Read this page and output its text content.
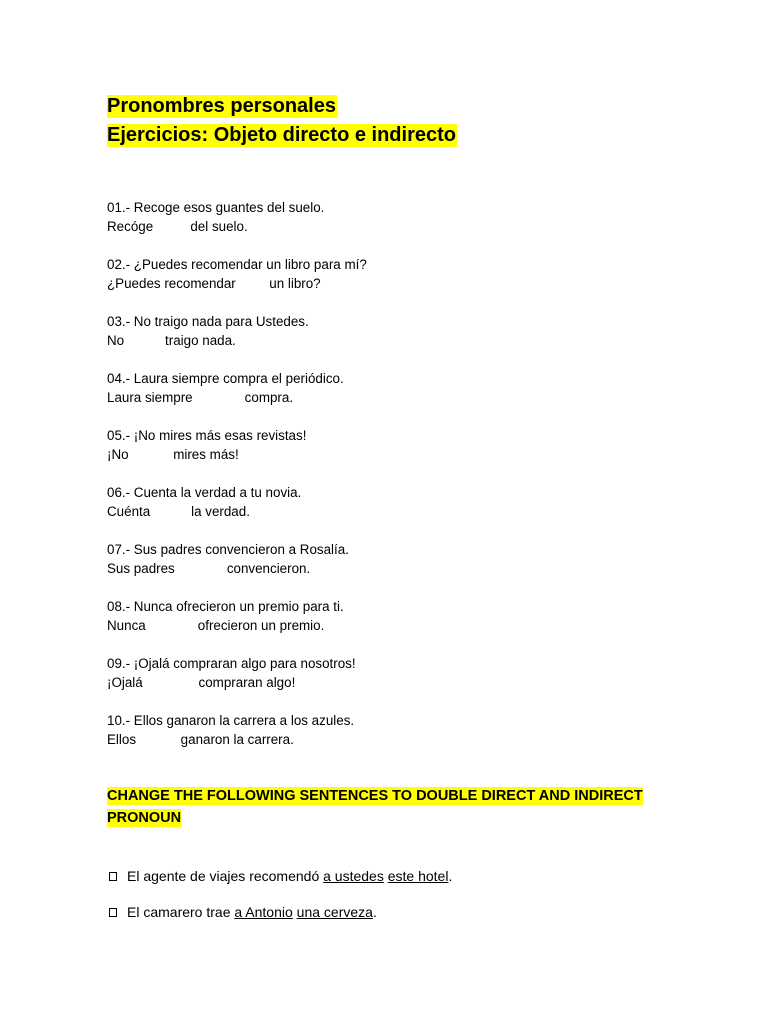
Pronombres personales
Ejercicios: Objeto directo e indirecto
01.- Recoge esos guantes del suelo.
Recóge          del suelo.
02.- ¿Puedes recomendar un libro para mí?
¿Puedes recomendar         un libro?
03.- No traigo nada para Ustedes.
No           traigo nada.
04.- Laura siempre compra el periódico.
Laura siempre              compra.
05.- ¡No mires más esas revistas!
¡No            mires más!
06.- Cuenta la verdad a tu novia.
Cuénta           la verdad.
07.- Sus padres convencieron a Rosalía.
Sus padres              convencieron.
08.- Nunca ofrecieron un premio para ti.
Nunca              ofrecieron un premio.
09.- ¡Ojalá compraran algo para nosotros!
¡Ojalá               compraran algo!
10.- Ellos ganaron la carrera a los azules.
Ellos            ganaron la carrera.
CHANGE THE FOLLOWING SENTENCES TO DOUBLE DIRECT AND INDIRECT PRONOUN
El agente de viajes recomendó a ustedes este hotel.
El camarero trae a Antonio una cerveza.
